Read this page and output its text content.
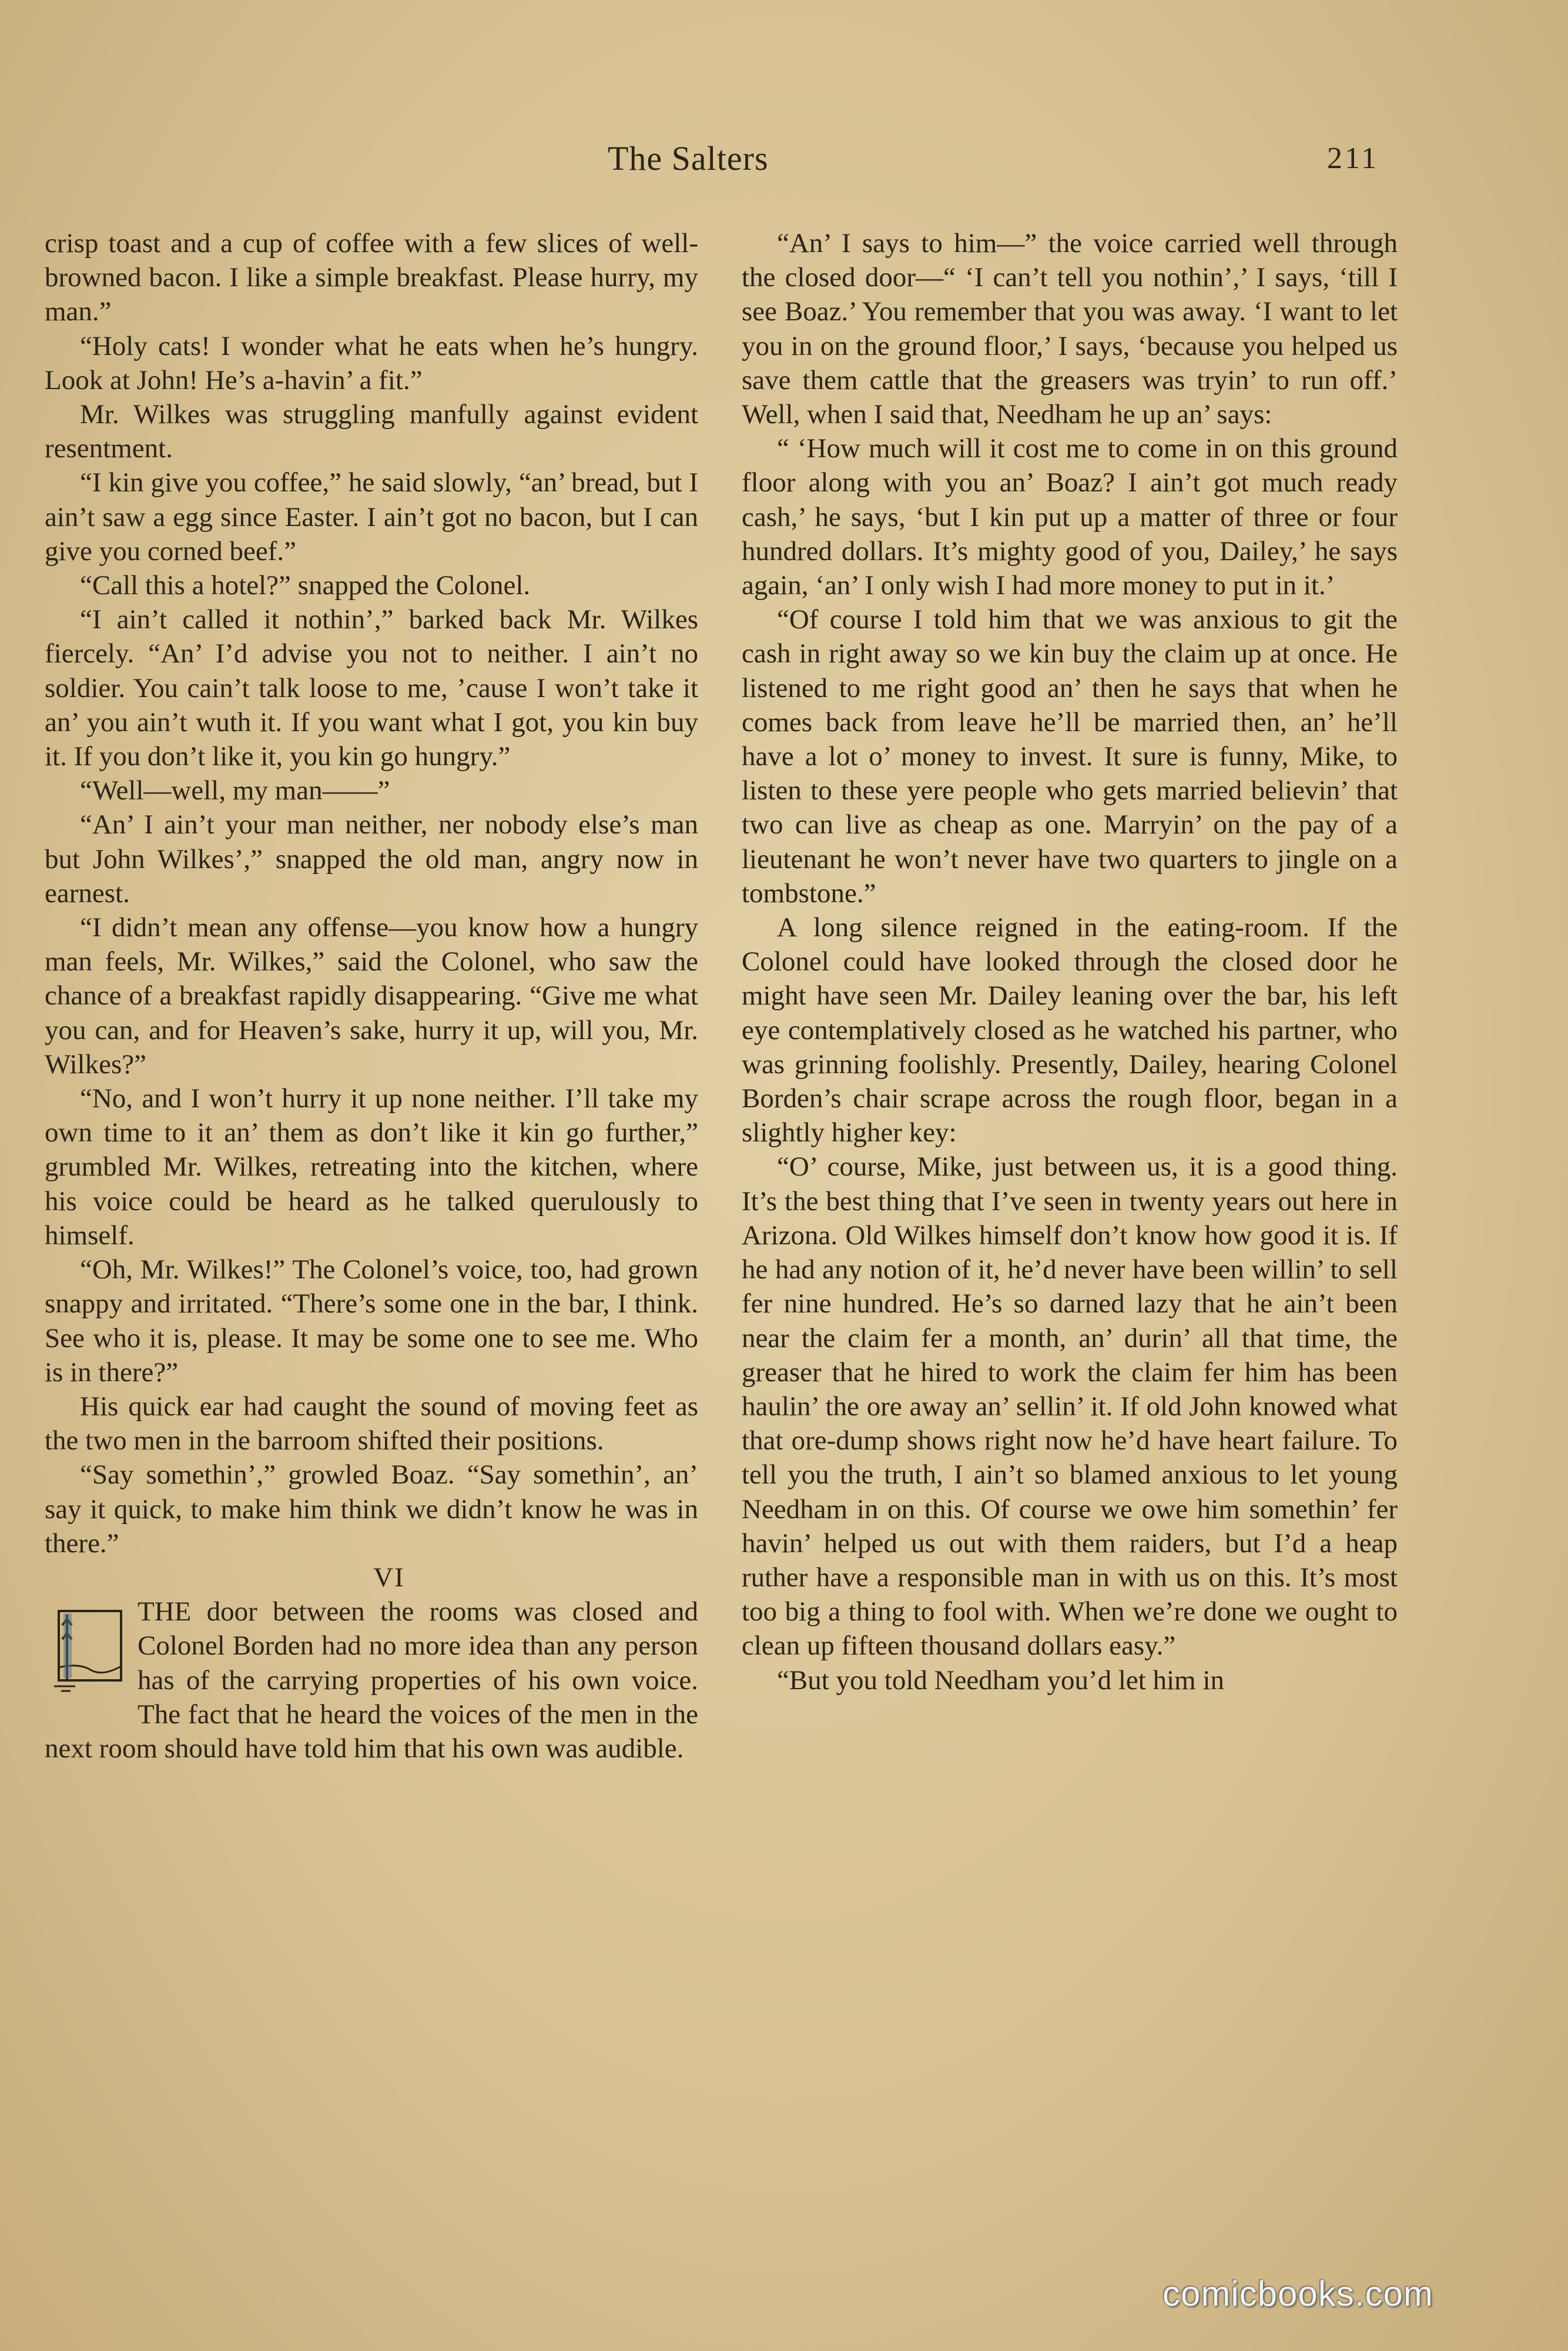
The Salters	211

crisp toast and a cup of coffee with a few slices of well-browned bacon. I like a simple breakfast. Please hurry, my man.”

“Holy cats! I wonder what he eats when he’s hungry. Look at John! He’s a-havin’ a fit.”

Mr. Wilkes was struggling manfully against evident resentment.

“I kin give you coffee,” he said slowly, “an’ bread, but I ain’t saw a egg since Easter. I ain’t got no bacon, but I can give you corned beef.”

“Call this a hotel?” snapped the Colonel.

“I ain’t called it nothin’,” barked back Mr. Wilkes fiercely. “An’ I’d advise you not to neither. I ain’t no soldier. You cain’t talk loose to me, ’cause I won’t take it an’ you ain’t wuth it. If you want what I got, you kin buy it. If you don’t like it, you kin go hungry.”

“Well—well, my man——”

“An’ I ain’t your man neither, ner nobody else’s man but John Wilkes’,” snapped the old man, angry now in earnest.

“I didn’t mean any offense—you know how a hungry man feels, Mr. Wilkes,” said the Colonel, who saw the chance of a breakfast rapidly disappearing. “Give me what you can, and for Heaven’s sake, hurry it up, will you, Mr. Wilkes?”

“No, and I won’t hurry it up none neither. I’ll take my own time to it an’ them as don’t like it kin go further,” grumbled Mr. Wilkes, retreating into the kitchen, where his voice could be heard as he talked querulously to himself.

“Oh, Mr. Wilkes!” The Colonel’s voice, too, had grown snappy and irritated. “There’s some one in the bar, I think. See who it is, please. It may be some one to see me. Who is in there?”

His quick ear had caught the sound of moving feet as the two men in the barroom shifted their positions.

“Say somethin’,” growled Boaz. “Say somethin’, an’ say it quick, to make him think we didn’t know he was in there.”

VI

THE door between the rooms was closed and Colonel Borden had no more idea than any person has of the carrying properties of his own voice. The fact that he heard the voices of the men in the next room should have told him that his own was audible.

“An’ I says to him—” the voice carried well through the closed door—“ ‘I can’t tell you nothin’,’ I says, ‘till I see Boaz.’ You remember that you was away. ‘I want to let you in on the ground floor,’ I says, ‘because you helped us save them cattle that the greasers was tryin’ to run off.’ Well, when I said that, Needham he up an’ says:

“ ‘How much will it cost me to come in on this ground floor along with you an’ Boaz? I ain’t got much ready cash,’ he says, ‘but I kin put up a matter of three or four hundred dollars. It’s mighty good of you, Dailey,’ he says again, ‘an’ I only wish I had more money to put in it.’

“Of course I told him that we was anxious to git the cash in right away so we kin buy the claim up at once. He listened to me right good an’ then he says that when he comes back from leave he’ll be married then, an’ he’ll have a lot o’ money to invest. It sure is funny, Mike, to listen to these yere people who gets married believin’ that two can live as cheap as one. Marryin’ on the pay of a lieutenant he won’t never have two quarters to jingle on a tombstone.”

A long silence reigned in the eating-room. If the Colonel could have looked through the closed door he might have seen Mr. Dailey leaning over the bar, his left eye contemplatively closed as he watched his partner, who was grinning foolishly. Presently, Dailey, hearing Colonel Borden’s chair scrape across the rough floor, began in a slightly higher key:

“O’ course, Mike, just between us, it is a good thing. It’s the best thing that I’ve seen in twenty years out here in Arizona. Old Wilkes himself don’t know how good it is. If he had any notion of it, he’d never have been willin’ to sell fer nine hundred. He’s so darned lazy that he ain’t been near the claim fer a month, an’ durin’ all that time, the greaser that he hired to work the claim fer him has been haulin’ the ore away an’ sellin’ it. If old John knowed what that ore-dump shows right now he’d have heart failure. To tell you the truth, I ain’t so blamed anxious to let young Needham in on this. Of course we owe him somethin’ fer havin’ helped us out with them raiders, but I’d a heap ruther have a responsible man in with us on this. It’s most too big a thing to fool with. When we’re done we ought to clean up fifteen thousand dollars easy.”

“But you told Needham you’d let him in

comicbooks.com
